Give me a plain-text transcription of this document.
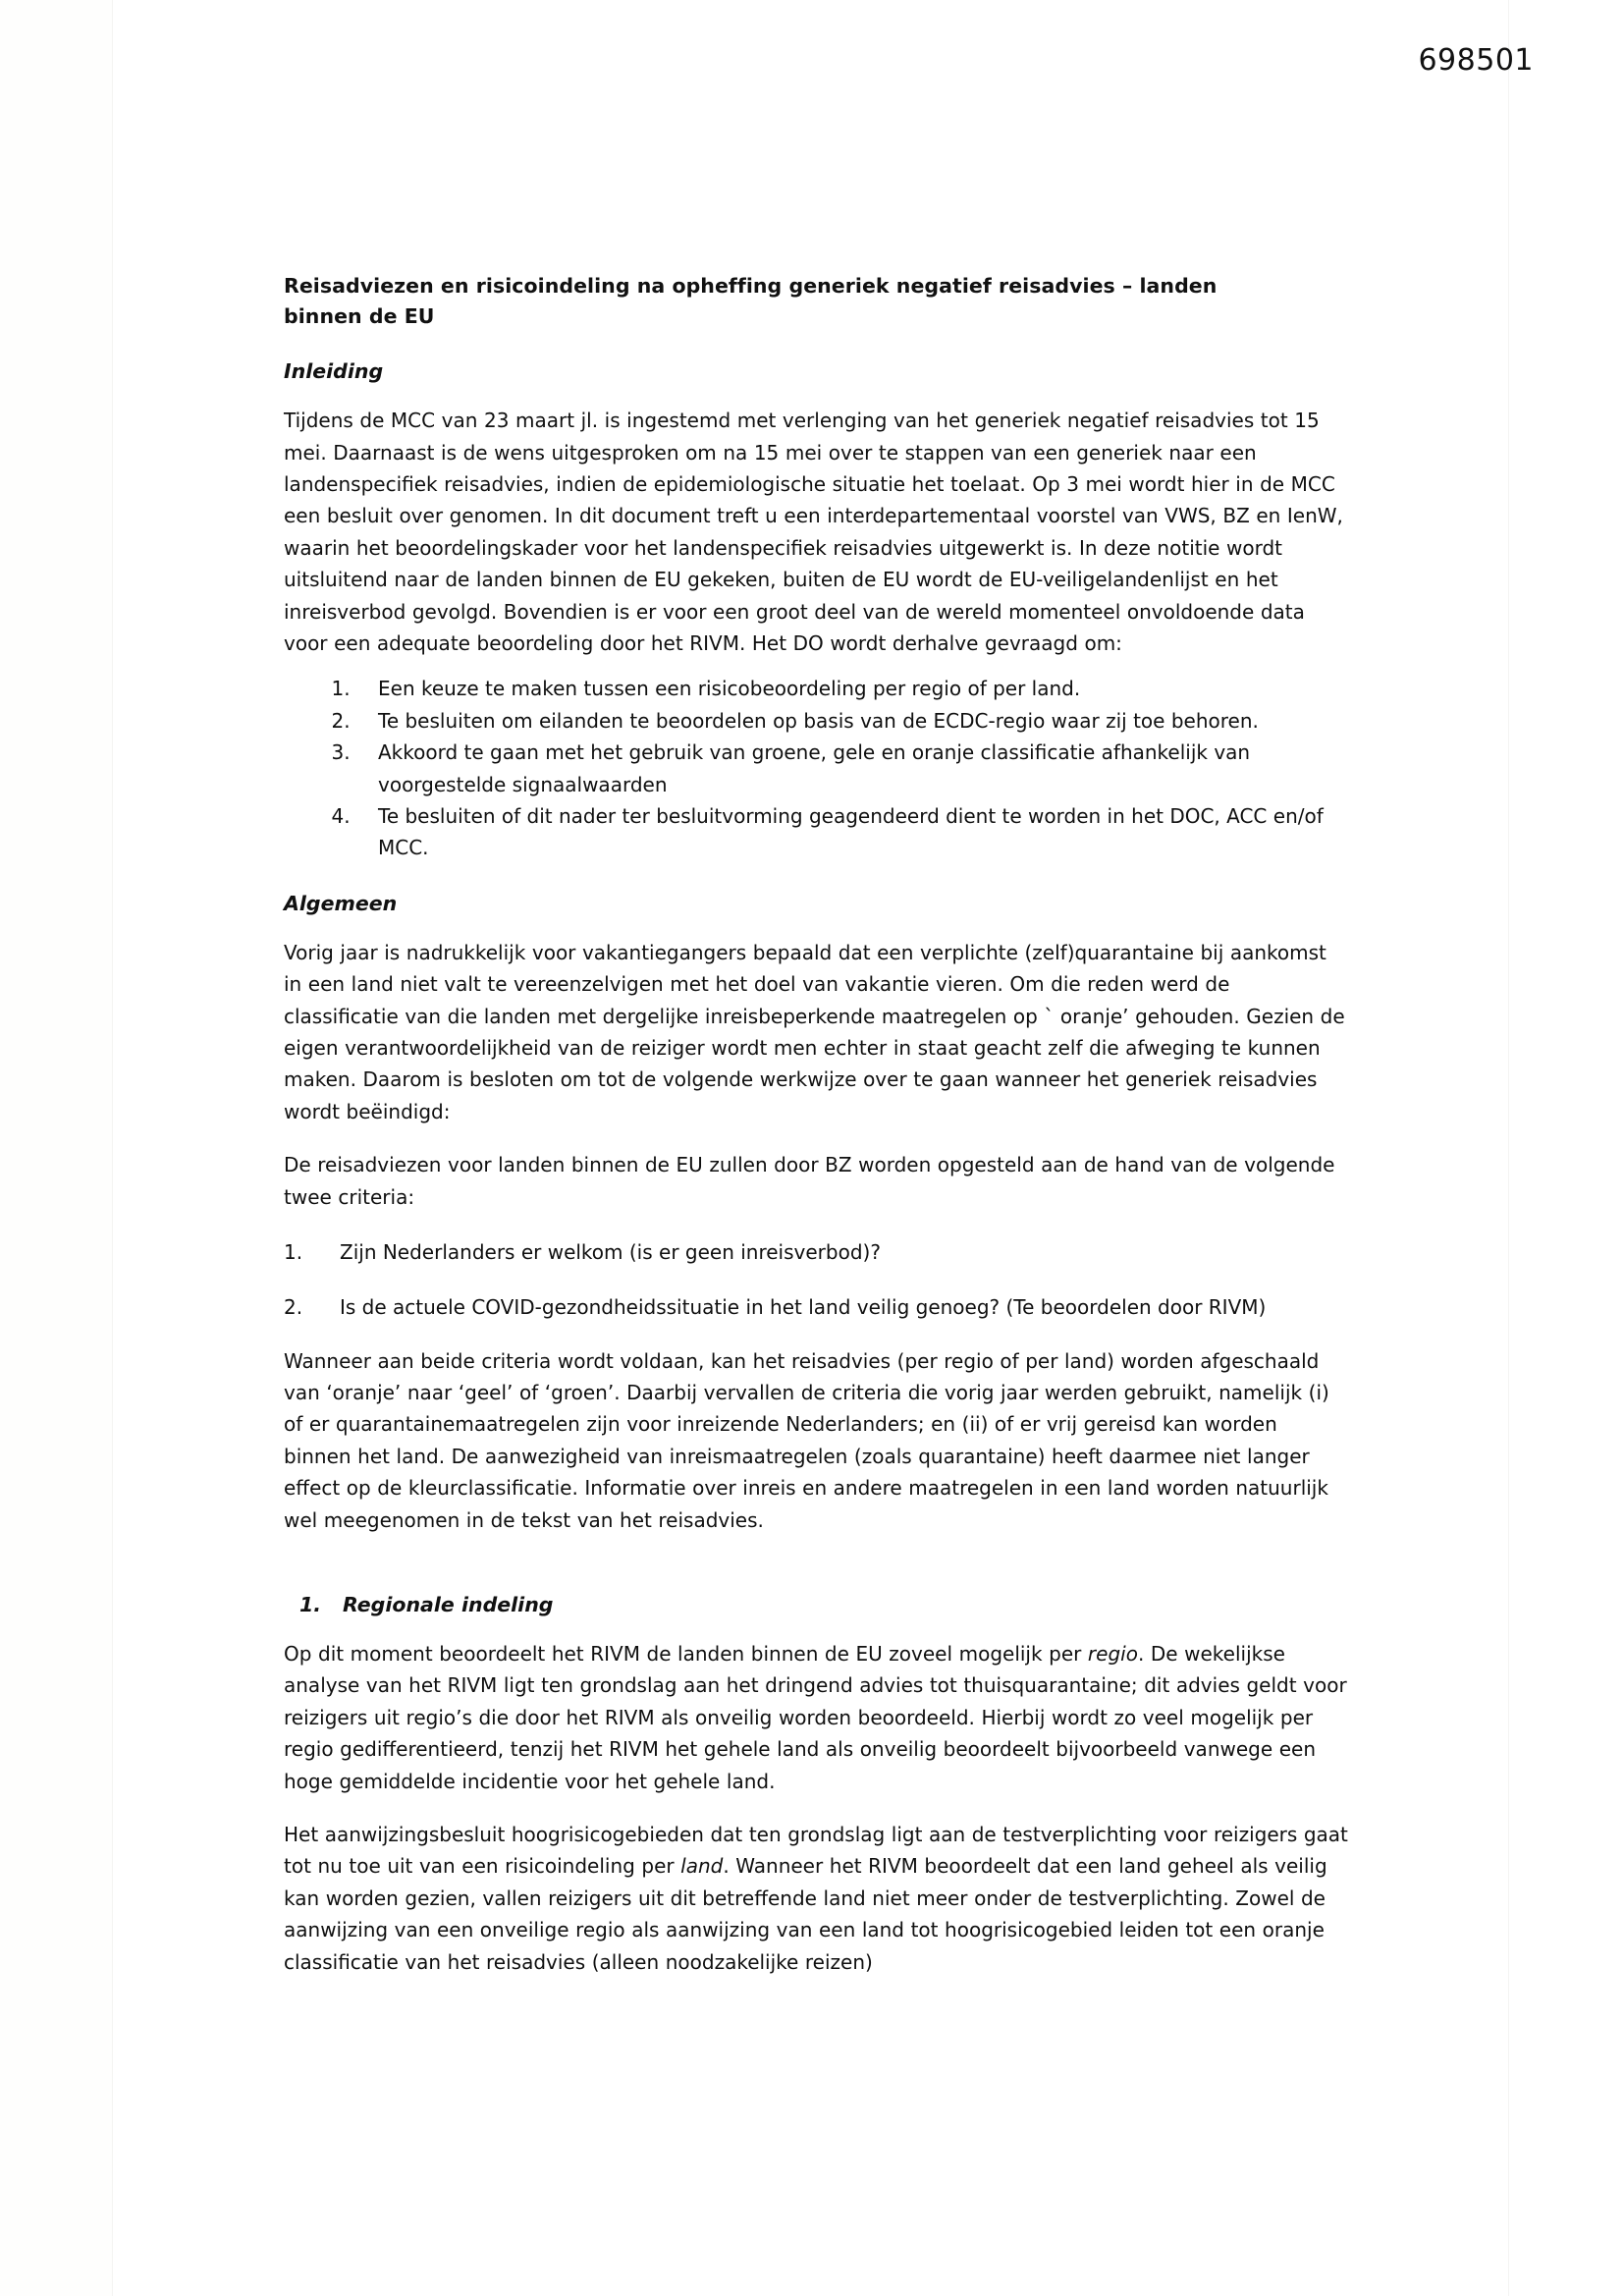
698501
Reisadviezen en risicoindeling na opheffing generiek negatief reisadvies – landen binnen de EU
Inleiding

Tijdens de MCC van 23 maart jl. is ingestemd met verlenging van het generiek negatief reisadvies tot 15 mei. Daarnaast is de wens uitgesproken om na 15 mei over te stappen van een generiek naar een landenspecifiek reisadvies, indien de epidemiologische situatie het toelaat. Op 3 mei wordt hier in de MCC een besluit over genomen. In dit document treft u een interdepartementaal voorstel van VWS, BZ en IenW, waarin het beoordelingskader voor het landenspecifiek reisadvies uitgewerkt is. In deze notitie wordt uitsluitend naar de landen binnen de EU gekeken, buiten de EU wordt de EU-veiligelandenlijst en het inreisverbod gevolgd. Bovendien is er voor een groot deel van de wereld momenteel onvoldoende data voor een adequate beoordeling door het RIVM. Het DO wordt derhalve gevraagd om:

1. Een keuze te maken tussen een risicobeoordeling per regio of per land.
2. Te besluiten om eilanden te beoordelen op basis van de ECDC-regio waar zij toe behoren.
3. Akkoord te gaan met het gebruik van groene, gele en oranje classificatie afhankelijk van voorgestelde signaalwaarden
4. Te besluiten of dit nader ter besluitvorming geagendeerd dient te worden in het DOC, ACC en/of MCC.
Algemeen

Vorig jaar is nadrukkelijk voor vakantiegangers bepaald dat een verplichte (zelf)quarantaine bij aankomst in een land niet valt te vereenzelvigen met het doel van vakantie vieren. Om die reden werd de classificatie van die landen met dergelijke inreisbeperkende maatregelen op ` oranje’ gehouden. Gezien de eigen verantwoordelijkheid van de reiziger wordt men echter in staat geacht zelf die afweging te kunnen maken. Daarom is besloten om tot de volgende werkwijze over te gaan wanneer het generiek reisadvies wordt beëindigd:

De reisadviezen voor landen binnen de EU zullen door BZ worden opgesteld aan de hand van de volgende twee criteria:

1. Zijn Nederlanders er welkom (is er geen inreisverbod)?
2. Is de actuele COVID-gezondheidssituatie in het land veilig genoeg? (Te beoordelen door RIVM)

Wanneer aan beide criteria wordt voldaan, kan het reisadvies (per regio of per land) worden afgeschaald van ‘oranje’ naar ‘geel’ of ‘groen’. Daarbij vervallen de criteria die vorig jaar werden gebruikt, namelijk (i) of er quarantainemaatregelen zijn voor inreizende Nederlanders; en (ii) of er vrij gereisd kan worden binnen het land. De aanwezigheid van inreismaatregelen (zoals quarantaine) heeft daarmee niet langer effect op de kleurclassificatie. Informatie over inreis en andere maatregelen in een land worden natuurlijk wel meegenomen in de tekst van het reisadvies.

1. Regionale indeling

Op dit moment beoordeelt het RIVM de landen binnen de EU zoveel mogelijk per regio. De wekelijkse analyse van het RIVM ligt ten grondslag aan het dringend advies tot thuisquarantaine; dit advies geldt voor reizigers uit regio’s die door het RIVM als onveilig worden beoordeeld. Hierbij wordt zo veel mogelijk per regio gedifferentieerd, tenzij het RIVM het gehele land als onveilig beoordeelt bijvoorbeeld vanwege een hoge gemiddelde incidentie voor het gehele land.

Het aanwijzingsbesluit hoogrisicogebieden dat ten grondslag ligt aan de testverplichting voor reizigers gaat tot nu toe uit van een risicoindeling per land. Wanneer het RIVM beoordeelt dat een land geheel als veilig kan worden gezien, vallen reizigers uit dit betreffende land niet meer onder de testverplichting. Zowel de aanwijzing van een onveilige regio als aanwijzing van een land tot hoogrisicogebied leiden tot een oranje classificatie van het reisadvies (alleen noodzakelijke reizen)
